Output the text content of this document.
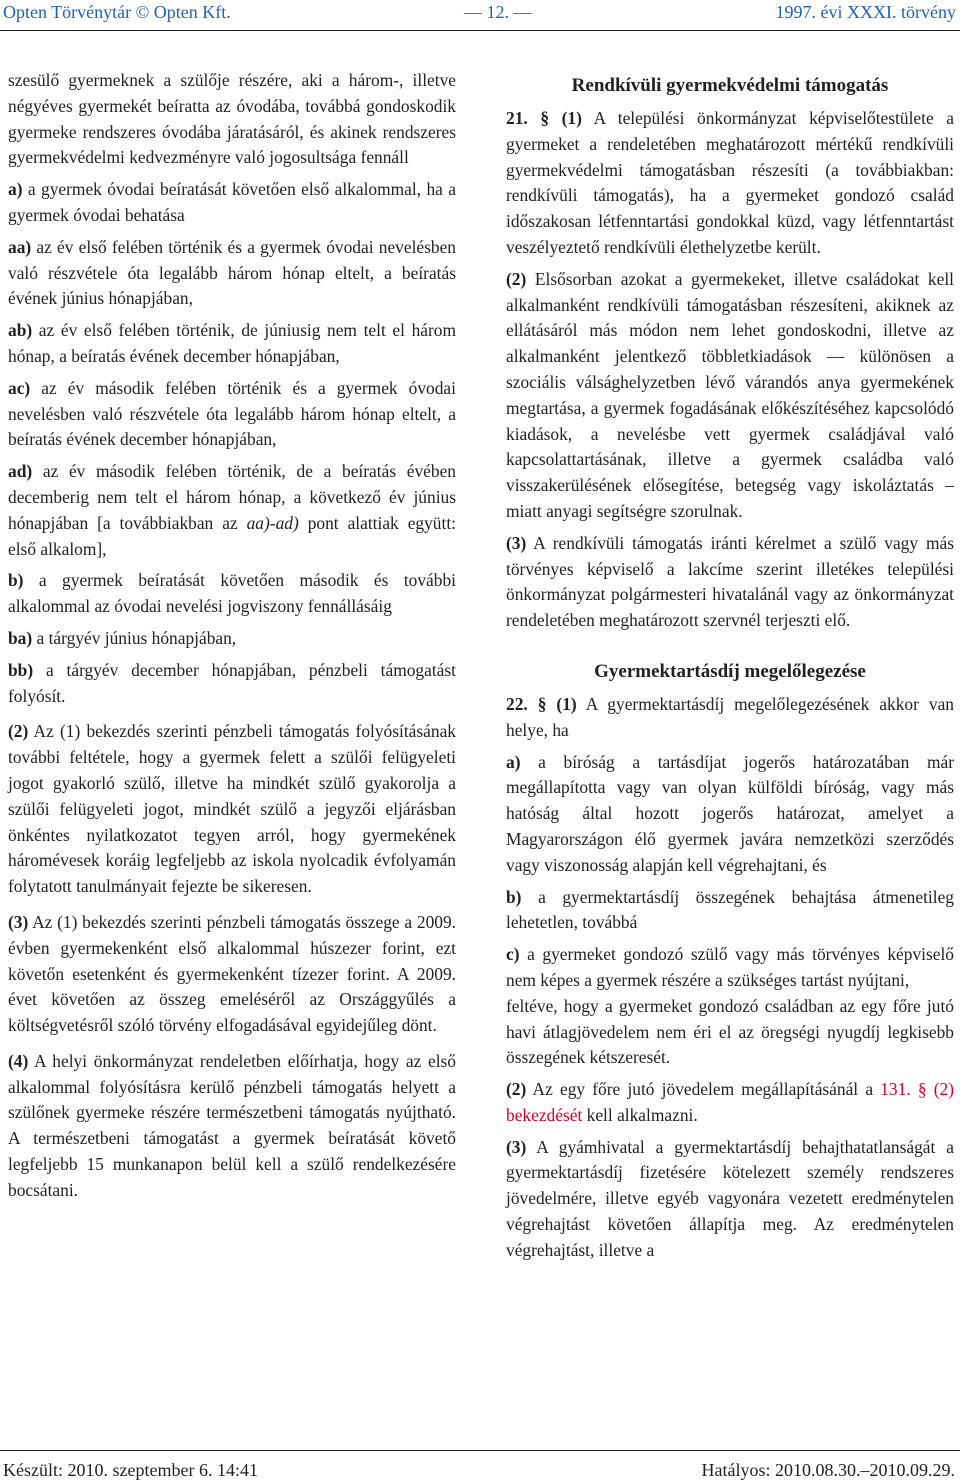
Opten Törvénytár © Opten Kft.	— 12. —	1997. évi XXXI. törvény

szesülő gyermeknek a szülője részére, aki a három-, illetve négyéves gyermekét beíratta az óvodába, továbbá gondoskodik gyermeke rendszeres óvodába járatásáról, és akinek rendszeres gyermekvédelmi kedvezményre való jogosultsága fennáll

a) a gyermek óvodai beíratását követően első alkalommal, ha a gyermek óvodai behatása

aa) az év első felében történik és a gyermek óvodai nevelésben való részvétele óta legalább három hónap eltelt, a beíratás évének június hónapjában,

ab) az év első felében történik, de júniusig nem telt el három hónap, a beíratás évének december hónapjában,

ac) az év második felében történik és a gyermek óvodai nevelésben való részvétele óta legalább három hónap eltelt, a beíratás évének december hónapjában,

ad) az év második felében történik, de a beíratás évében decemberig nem telt el három hónap, a következő év június hónapjában [a továbbiakban az aa)-ad) pont alattiak együtt: első alkalom],

b) a gyermek beíratását követően második és további alkalommal az óvodai nevelési jogviszony fennállásáig

ba) a tárgyév június hónapjában,

bb) a tárgyév december hónapjában, pénzbeli támogatást folyósít.

(2) Az (1) bekezdés szerinti pénzbeli támogatás folyósításának további feltétele, hogy a gyermek felett a szülői felügyeleti jogot gyakorló szülő, illetve ha mindkét szülő gyakorolja a szülői felügyeleti jogot, mindkét szülő a jegyzői eljárásban önkéntes nyilatkozatot tegyen arról, hogy gyermekének háromévesek koráig legfeljebb az iskola nyolcadik évfolyamán folytatott tanulmányait fejezte be sikeresen.

(3) Az (1) bekezdés szerinti pénzbeli támogatás összege a 2009. évben gyermekenként első alkalommal húszezer forint, ezt követőn esetenként és gyermekenként tízezer forint. A 2009. évet követően az összeg emeléséről az Országgyűlés a költségvetésről szóló törvény elfogadásával egyidejűleg dönt.

(4) A helyi önkormányzat rendeletben előírhatja, hogy az első alkalommal folyósításra kerülő pénzbeli támogatás helyett a szülőnek gyermeke részére természetbeni támogatás nyújtható. A természetbeni támogatást a gyermek beíratását követő legfeljebb 15 munkanapon belül kell a szülő rendelkezésére bocsátani.

Rendkívüli gyermekvédelmi támogatás

21. § (1) A települési önkormányzat képviselőtestülete a gyermeket a rendeletében meghatározott mértékű rendkívüli gyermekvédelmi támogatásban részesíti (a továbbiakban: rendkívüli támogatás), ha a gyermeket gondozó család időszakosan létfenntartási gondokkal küzd, vagy létfenntartást veszélyeztető rendkívüli élethelyzetbe került.

(2) Elsősorban azokat a gyermekeket, illetve családokat kell alkalmanként rendkívüli támogatásban részesíteni, akiknek az ellátásáról más módon nem lehet gondoskodni, illetve az alkalmanként jelentkező többletkiadások — különösen a szociális válsághelyzetben lévő várandós anya gyermekének megtartása, a gyermek fogadásának előkészítéséhez kapcsolódó kiadások, a nevelésbe vett gyermek családjával való kapcsolattartásának, illetve a gyermek családba való visszakerülésének elősegítése, betegség vagy iskoláztatás – miatt anyagi segítségre szorulnak.

(3) A rendkívüli támogatás iránti kérelmet a szülő vagy más törvényes képviselő a lakcíme szerint illetékes települési önkormányzat polgármesteri hivatalánál vagy az önkormányzat rendeletében meghatározott szervnél terjeszti elő.

Gyermektartásdíj megelőlegezése

22. § (1) A gyermektartásdíj megelőlegezésének akkor van helye, ha

a) a bíróság a tartásdíjat jogerős határozatában már megállapította vagy van olyan külföldi bíróság, vagy más hatóság által hozott jogerős határozat, amelyet a Magyarországon élő gyermek javára nemzetközi szerződés vagy viszonosság alapján kell végrehajtani, és

b) a gyermektartásdíj összegének behajtása átmenetileg lehetetlen, továbbá

c) a gyermeket gondozó szülő vagy más törvényes képviselő nem képes a gyermek részére a szükséges tartást nyújtani,

feltéve, hogy a gyermeket gondozó családban az egy főre jutó havi átlagjövedelem nem éri el az öregségi nyugdíj legkisebb összegének kétszeresét.

(2) Az egy főre jutó jövedelem megállapításánál a 131. § (2) bekezdését kell alkalmazni.

(3) A gyámhivatal a gyermektartásdíj behajthatatlanságát a gyermektartásdíj fizetésére kötelezett személy rendszeres jövedelmére, illetve egyéb vagyonára vezetett eredménytelen végrehajtást követően állapítja meg. Az eredménytelen végrehajtást, illetve a

Készült: 2010. szeptember 6. 14:41	Hatályos: 2010.08.30.–2010.09.29.
